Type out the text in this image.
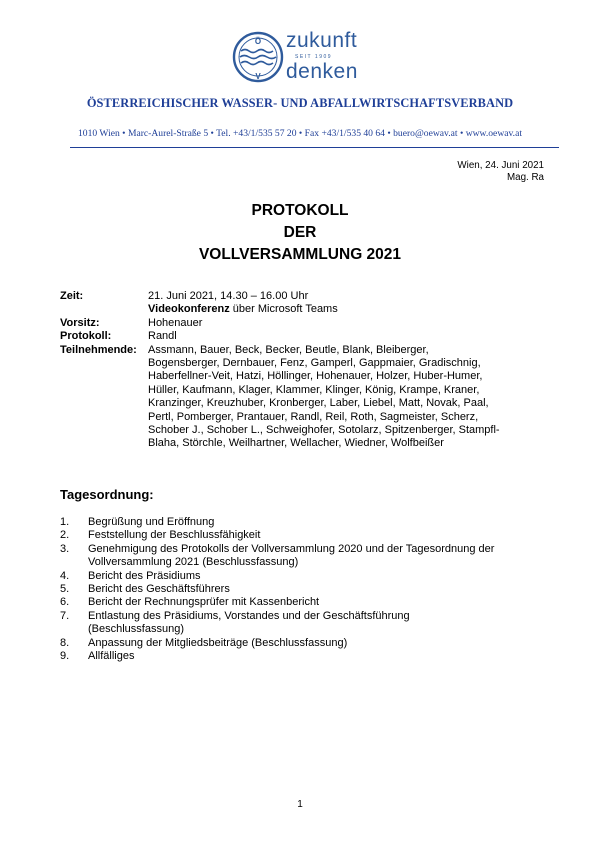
Ö
V
zukunft
SEIT 1909
denken
ÖSTERREICHISCHER WASSER- UND ABFALLWIRTSCHAFTSVERBAND
1010 Wien • Marc-Aurel-Straße 5 • Tel. +43/1/535 57 20 • Fax +43/1/535 40 64 • buero@oewav.at • www.oewav.at
Wien, 24. Juni 2021
Mag. Ra
PROTOKOLL
DER
VOLLVERSAMMLUNG 2021
Zeit:	21. Juni 2021, 14.30 – 16.00 Uhr
Videokonferenz über Microsoft Teams
Vorsitz:	Hohenauer
Protokoll:	Randl
Teilnehmende:	Assmann, Bauer, Beck, Becker, Beutle, Blank, Bleiberger,
Bogensberger, Dernbauer, Fenz, Gamperl, Gappmaier, Gradischnig,
Haberfellner-Veit, Hatzi, Höllinger, Hohenauer, Holzer, Huber-Humer,
Hüller, Kaufmann, Klager, Klammer, Klinger, König, Krampe, Kraner,
Kranzinger, Kreuzhuber, Kronberger, Laber, Liebel, Matt, Novak, Paal,
Pertl, Pomberger, Prantauer, Randl, Reil, Roth, Sagmeister, Scherz,
Schober J., Schober L., Schweighofer, Sotolarz, Spitzenberger, Stampfl-
Blaha, Störchle, Weilhartner, Wellacher, Wiedner, Wolfbeißer
Tagesordnung:
1.	Begrüßung und Eröffnung
2.	Feststellung der Beschlussfähigkeit
3.	Genehmigung des Protokolls der Vollversammlung 2020 und der Tagesordnung der
Vollversammlung 2021 (Beschlussfassung)
4.	Bericht des Präsidiums
5.	Bericht des Geschäftsführers
6.	Bericht der Rechnungsprüfer mit Kassenbericht
7.	Entlastung des Präsidiums, Vorstandes und der Geschäftsführung
(Beschlussfassung)
8.	Anpassung der Mitgliedsbeiträge (Beschlussfassung)
9.	Allfälliges
1
